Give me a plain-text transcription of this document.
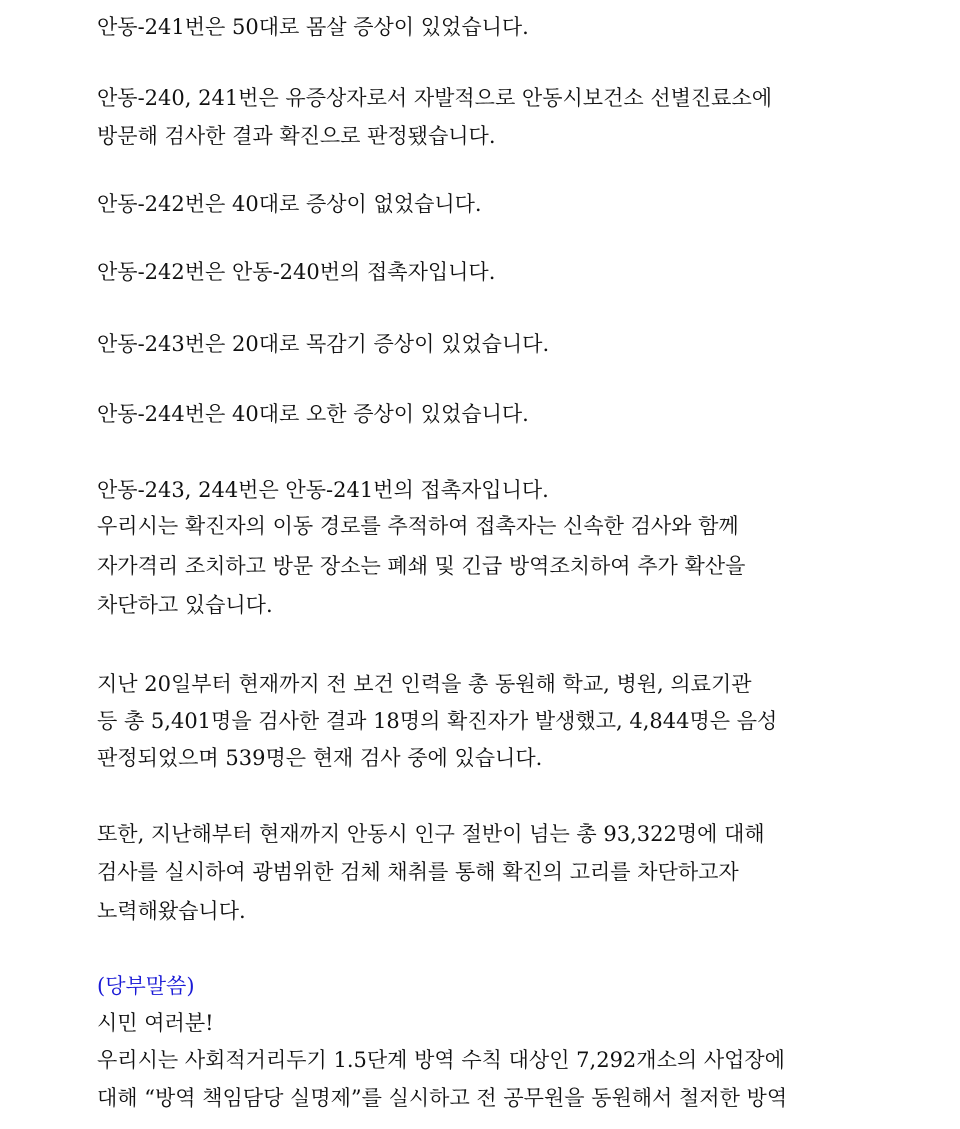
안동-241번은 50대로 몸살 증상이 있었습니다.

안동-240, 241번은 유증상자로서 자발적으로 안동시보건소 선별진료소에

방문해 검사한 결과 확진으로 판정됐습니다.

안동-242번은 40대로 증상이 없었습니다.

안동-242번은 안동-240번의 접촉자입니다.

안동-243번은 20대로 목감기 증상이 있었습니다.

안동-244번은 40대로 오한 증상이 있었습니다.

안동-243, 244번은 안동-241번의 접촉자입니다.

우리시는 확진자의 이동 경로를 추적하여 접촉자는 신속한 검사와 함께

자가격리 조치하고 방문 장소는 폐쇄 및 긴급 방역조치하여 추가 확산을

차단하고 있습니다.

지난 20일부터 현재까지 전 보건 인력을 총 동원해 학교, 병원, 의료기관

등 총 5,401명을 검사한 결과 18명의 확진자가 발생했고, 4,844명은 음성

판정되었으며 539명은 현재 검사 중에 있습니다.

또한, 지난해부터 현재까지 안동시 인구 절반이 넘는 총 93,322명에 대해

검사를 실시하여 광범위한 검체 채취를 통해 확진의 고리를 차단하고자

노력해왔습니다.

(당부말씀)

시민 여러분!

우리시는 사회적거리두기 1.5단계 방역 수칙 대상인 7,292개소의 사업장에

대해 “방역 책임담당 실명제”를 실시하고 전 공무원을 동원해서 철저한 방역
